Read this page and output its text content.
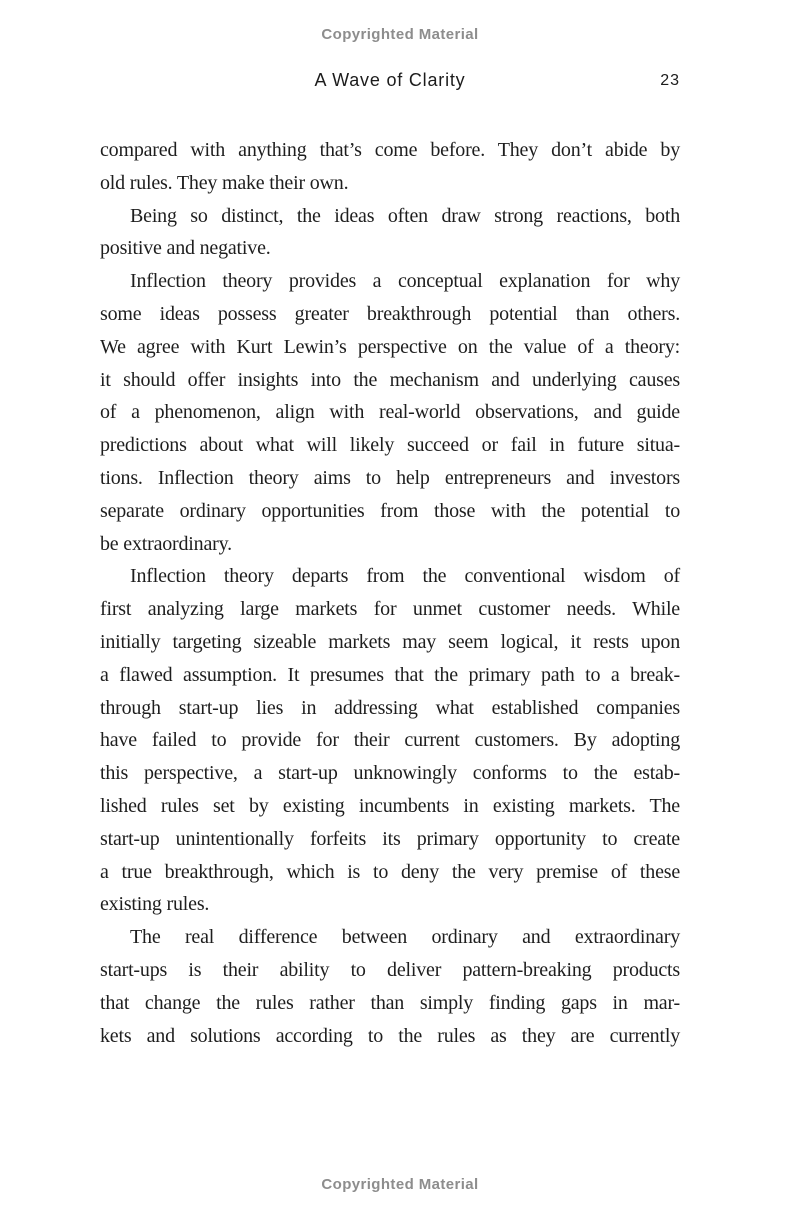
Copyrighted Material
A Wave of Clarity	23
compared with anything that’s come before. They don’t abide by
old rules. They make their own.
Being so distinct, the ideas often draw strong reactions, both
positive and negative.
Inflection theory provides a conceptual explanation for why
some ideas possess greater breakthrough potential than others.
We agree with Kurt Lewin’s perspective on the value of a theory:
it should offer insights into the mechanism and underlying causes
of a phenomenon, align with real-world observations, and guide
predictions about what will likely succeed or fail in future situa-
tions. Inflection theory aims to help entrepreneurs and investors
separate ordinary opportunities from those with the potential to
be extraordinary.
Inflection theory departs from the conventional wisdom of
first analyzing large markets for unmet customer needs. While
initially targeting sizeable markets may seem logical, it rests upon
a flawed assumption. It presumes that the primary path to a break-
through start-up lies in addressing what established companies
have failed to provide for their current customers. By adopting
this perspective, a start-up unknowingly conforms to the estab-
lished rules set by existing incumbents in existing markets. The
start-up unintentionally forfeits its primary opportunity to create
a true breakthrough, which is to deny the very premise of these
existing rules.
The real difference between ordinary and extraordinary
start-ups is their ability to deliver pattern-breaking products
that change the rules rather than simply finding gaps in mar-
kets and solutions according to the rules as they are currently
Copyrighted Material
